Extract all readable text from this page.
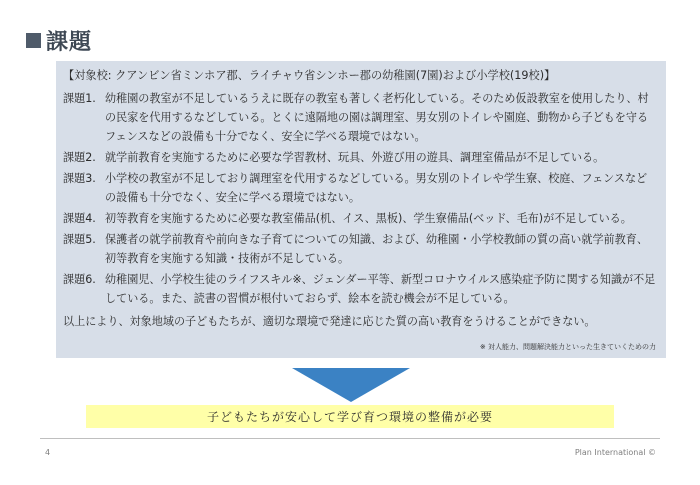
課題
【対象校: クアンビン省ミンホア郡、ライチャウ省シンホー郡の幼稚園(7園)および小学校(19校)】
課題1. 幼稚園の教室が不足しているうえに既存の教室も著しく老朽化している。そのため仮設教室を使用したり、村の民家を代用するなどしている。とくに遠隔地の園は調理室、男女別のトイレや園庭、動物から子どもを守るフェンスなどの設備も十分でなく、安全に学べる環境ではない。
課題2. 就学前教育を実施するために必要な学習教材、玩具、外遊び用の遊具、調理室備品が不足している。
課題3. 小学校の教室が不足しており調理室を代用するなどしている。男女別のトイレや学生寮、校庭、フェンスなどの設備も十分でなく、安全に学べる環境ではない。
課題4. 初等教育を実施するために必要な教室備品(机、イス、黒板)、学生寮備品(ベッド、毛布)が不足している。
課題5. 保護者の就学前教育や前向きな子育てについての知識、および、幼稚園・小学校教師の質の高い就学前教育、初等教育を実施する知識・技術が不足している。
課題6. 幼稚園児、小学校生徒のライフスキル※、ジェンダー平等、新型コロナウイルス感染症予防に関する知識が不足している。また、読書の習慣が根付いておらず、絵本を読む機会が不足している。
以上により、対象地域の子どもたちが、適切な環境で発達に応じた質の高い教育をうけることができない。
※ 対人能力、問題解決能力といった生きていくための力
子どもたちが安心して学び育つ環境の整備が必要
4	Plan International ©
